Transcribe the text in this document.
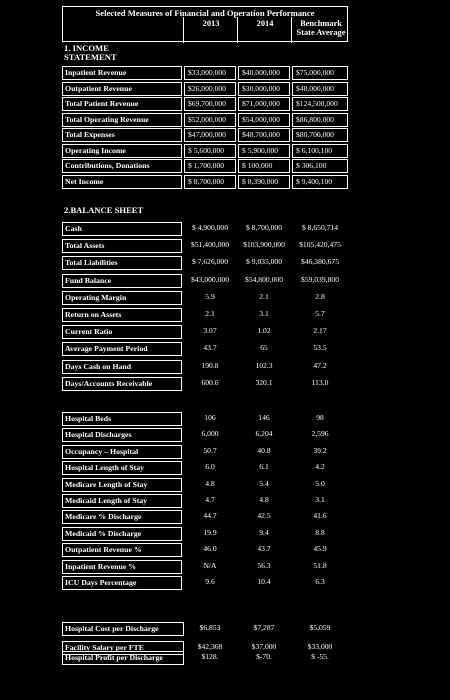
Selected Measures of Financial and Operation Performance
2013	2014	Benchmark
State Average
1. INCOME
STATEMENT
Inpatient Revenue	$33,000,000	$40,000,000	$75,000,000
Outpatient Revenue	$26,000,000	$30,000,000	$48,000,000
Total Patient Revenue	$69,700,000	$71,000,000	$124,500,000
Total Operating Revenue	$52,000,000	$54,000,000	$86,800,000
Total Expenses	$47,000,000	$48,700,000	$80,700,000
Operating Income	$ 5,600,000	$ 5,900,000	$ 6,100,100
Contributions, Donations	$ 1,700,000	$ 100,000	$ 306,100
Net Income	$ 8,700,000	$ 8,390,000	$ 9,400,100
2.BALANCE SHEET
Cash	$ 4,900,000	$ 8,700,000	$ 8,650,714
Total Assets	$51,400,000	$103,900,000	$105,420,475
Total Liabilities	$ 7,626,000	$ 9,035,000	$46,380,675
Fund Balance	$43,000,000	$54,800,000	$59,039,800
Operating Margin	5.9	2.1	2.8
Return on Assets	2.1	3.1	5.7
Current Ratio	3.07	1.02	2.17
Average Payment Period	43.7	65	53.5
Days Cash on Hand	190.8	102.3	47.2
Days/Accounts Receivable	600.6	320.1	113.0
Hospital Beds	106	146	98
Hospital Discharges	6,000	6,204	2,596
Occupancy – Hospital	50.7	40.8	39.2
Hospital Length of Stay	6.0	6.1	4.2
Medicare Length of Stay	4.8	5.4	5.0
Medicaid Length of Stay	4.7	4.8	3.1
Medicare % Discharge	44.7	42.5	41.6
Medicaid % Discharge	19.9	9.4	8.8
Outpatient Revenue %	46.0	43.7	45.9
Inpatient Revenue %	N/A	56.3	51.8
ICU Days Percentage	9.6	10.4	6.3
Hospital Cost per Discharge	$6,853	$7,287	$5,059
Facility Salary per FTE	$42,368	$37,000	$33,000
Hospital Profit per Discharge	$128.	$-70.	$ -55.
